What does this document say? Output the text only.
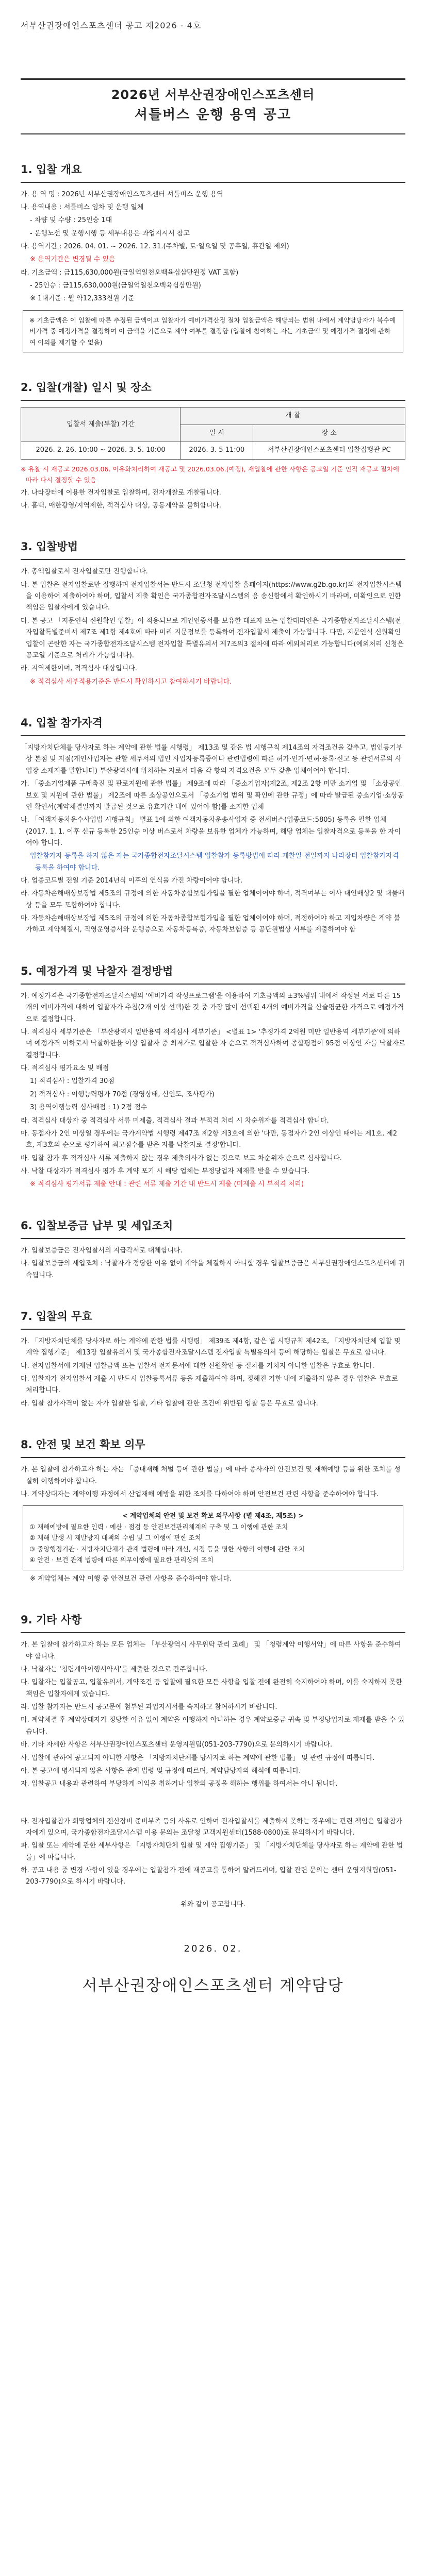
서부산권장애인스포츠센터 공고 제2026 - 4호
2026년 서부산권장애인스포츠센터
셔틀버스 운행 용역 공고
1. 입찰 개요
가. 용 역 명 : 2026년 서부산권장애인스포츠센터 셔틀버스 운행 용역
나. 용역내용 : 셔틀버스 임차 및 운행 일체
- 차량 및 수량 : 25인승 1대
- 운행노선 및 운행시행 등 세부내용은 과업지시서 참고
다. 용역기간 : 2026. 04. 01. ~ 2026. 12. 31.(주차별, 토·일요일 및 공휴일, 휴관일 제외)
※ 용역기간은 변경될 수 있음
라. 기초금액 : 금115,630,000원(금일억일천오백육십삼만원정 VAT 포함)
- 25인승 : 금115,630,000원(금일억일천오백육십삼만원)
※ 1대기준 : 월 약12,333천원 기준
※ 기초금액은 이 입찰에 따른 추정된 금액이고 입찰자가 예비가격산정 절차 입찰금액은 해당되는 범위 내에서 계약담당자가 복수예비가격 중 예정가격을 결정하여 이 금액을 기준으로 계약 여부를 결정함 (입찰에 참여하는 자는 기초금액 및 예정가격 결정에 관하여 이의를 제기할 수 없음)
2. 입찰(개찰) 일시 및 장소
입찰서 제출(투찰) 기간	개 찰	
	일 시	장 소
2026. 2. 26. 10:00 ~ 2026. 3. 5. 10:00	2026. 3. 5 11:00	서부산권장애인스포츠센터 입찰집행관 PC
※ 유찰 시 재공고 2026.03.06. 이유화처리하여 재공고 및 2026.03.06.(예정), 재입찰에 관한 사항은 공고일 기준 인적 재공고 절차에 따라 다시 결정할 수 있음
가. 나라장터에 이용한 전자입찰로 입찰하며, 전자개찰로 개찰됩니다.
나. 홈택, 애한광영/지역제한, 적격심사 대상, 공동계약을 불허합니다.
3. 입찰방법
가. 총액입찰로서 전자입찰로만 진행합니다.
나. 본 입찰은 전자입찰로만 집행하며 전자입찰서는 반드시 조달청 전자입찰 홈페이지(https://www.g2b.go.kr)의 전자입찰시스템을 이용하여 제출하여야 하며, 입찰서 제출 확인은 국가종합전자조달시스템의 응 송신함에서 확인하시기 바라며, 미확인으로 인한 책임은 입찰자에게 있습니다.
다. 본 공고 「지문인식 신원확인 입찰」이 적용되므로 개인인증서를 보유한 대표자 또는 입찰대리인은 국가종합전자조달시스템(전자입찰특별준비서 제7조 제1항 제4호에 따라 미리 지문정보를 등록하여 전자입찰서 제출이 가능합니다. 다만, 지문인식 신원확인 입찰이 곤란한 자는 국가종합전자조달시스템 전자입찰 특별유의서 제7조의3 절차에 따라 예외처리로 가능합니다(예외처리 신청은 공고일 기준으로 처리가 가능합니다).
라. 지역제한이며, 적격심사 대상입니다.
※ 적격심사 세부적용기준은 반드시 확인하시고 참여하시기 바랍니다.
4. 입찰 참가자격
「지방자치단체를 당사자로 하는 계약에 관한 법률 시행령」 제13조 및 같은 법 시행규칙 제14조의 자격조건을 갖추고, 법인등기부상 본점 및 지점(개인사업자는 관할 세무서의 법인 사업자등록증이나 관련법령에 따른 허가·인가·면허·등록·신고 등 관련서류의 사업장 소재지를 말합니다) 부산광역시에 위치하는 자로서 다음 각 항의 자격요건을 모두 갖춘 업체이어야 합니다.
가. 「중소기업제품 구매촉진 및 판로지원에 관한 법률」 제9조에 따라 「중소기업자(제2조, 제2조 2항 미만 소기업 및 「소상공인 보호 및 지원에 관한 법률」 제2조에 따른 소상공인으로서 「중소기업 범위 및 확인에 관한 규정」에 따라 발급된 중소기업·소상공인 확인서(계약체결일까지 발급된 것으로 유효기간 내에 있어야 함)를 소지한 업체
나. 「여객자동차운수사업법 시행규칙」 별표 1에 의한 여객자동차운송사업자 중 전세버스(업종코드:5805) 등록을 필한 업체(2017. 1. 1. 이후 신규 등록한 25인승 이상 버스로서 차량을 보유한 업체가 가능하며, 해당 업체는 입찰자격으로 등록을 한 자이어야 합니다.
입찰참가자 등록을 하지 않은 자는 국가종합전자조달시스템 입찰참가 등록방법에 따라 개찰일 전일까지 나라장터 입찰참가자격 등록을 하여야 합니다.
다. 업종코드별 전일 기준 2014년식 이후의 연식을 가진 차량이어야 합니다.
라. 자동차손해배상보장법 제5조의 규정에 의한 자동차종합보험가입을 필한 업체이어야 하며, 적격여부는 이사 대인배상2 및 대물배상 등을 모두 포함하여야 합니다.
마. 자동차손해배상보장법 제5조의 규정에 의한 자동차종합보험가입을 필한 업체이어야 하며, 적정하여야 하고 지입차량은 계약 불가하고 계약체결시, 직영운영증서와 운행증으로 자동차등록증, 자동차보험증 등 공단원법상 서류를 제출하여야 함
5. 예정가격 및 낙찰자 결정방법
가. 예정가격은 국가종합전자조달시스템의 '예비가격 작성프로그램'을 이용하여 기초금액의 ±3%범위 내에서 작성된 서로 다른 15개의 예비가격에 대하여 입찰자가 추첨(2개 이상 선택)한 것 중 가장 많이 선택된 4개의 예비가격을 산술평균한 가격으로 예정가격으로 결정합니다.
나. 적격심사 세부기준은 「부산광역시 일반용역 적격심사 세부기준」 <별표 1> '추정가격 2억원 미만 일반용역 세부기준'에 의하며 예정가격 이하로서 낙찰하한율 이상 입찰자 중 최저가로 입찰한 자 순으로 적격심사하여 종합평점이 95점 이상인 자를 낙찰자로 결정합니다.
다. 적격심사 평가요소 및 배점
1) 적격심사 : 입찰가격 30점
2) 적격심사 : 이행능력평가 70점 (경영상태, 신인도, 조사평가)
3) 용역이행능력 심사배점 : 1) 2점 점수
라. 적격심사 대상자 중 적격심사 서류 미제출, 적격심사 결과 부적격 처리 시 차순위자를 적격심사 합니다.
마. 동점자가 2인 이상일 경우에는 국가계약법 시행령 제47조 제2항 제3호에 의한 '다만, 동점자가 2인 이상인 때에는 제1호, 제2호, 제3호의 순으로 평가하여 최고점수를 받은 자를 낙찰자로 결정'합니다.
바. 입찰 참가 후 적격심사 서류 제출하지 않는 경우 제출의사가 없는 것으로 보고 차순위자 순으로 심사합니다.
사. 낙찰 대상자가 적격심사 평가 후 계약 포기 시 해당 업체는 부정당업자 제재를 받을 수 있습니다.
※ 적격심사 평가서류 제출 안내 : 관련 서류 제출 기간 내 반드시 제출 (미제출 시 부적격 처리)
6. 입찰보증금 납부 및 세입조치
가. 입찰보증금은 전자입찰서의 지급각서로 대체합니다.
나. 입찰보증금의 세입조치 : 낙찰자가 정당한 이유 없이 계약을 체결하지 아니할 경우 입찰보증금은 서부산권장애인스포츠센터에 귀속됩니다.
7. 입찰의 무효
가. 「지방자치단체를 당사자로 하는 계약에 관한 법률 시행령」 제39조 제4항, 같은 법 시행규칙 제42조, 「지방자치단체 입찰 및 계약 집행기준」 제13장 입찰유의서 및 국가종합전자조달시스템 전자입찰 특별유의서 등에 해당하는 입찰은 무효로 합니다.
나. 전자입찰서에 기재된 입찰금액 또는 입찰서 전자문서에 대한 신원확인 등 절차를 거치지 아니한 입찰은 무효로 합니다.
다. 입찰자가 전자입찰서 제출 시 반드시 입찰등록서류 등을 제출하여야 하며, 정해진 기한 내에 제출하지 않은 경우 입찰은 무효로 처리합니다.
라. 입찰 참가자격이 없는 자가 입찰한 입찰, 기타 입찰에 관한 조건에 위반된 입찰 등은 무효로 합니다.
8. 안전 및 보건 확보 의무
가. 본 입찰에 참가하고자 하는 자는 「중대재해 처벌 등에 관한 법률」에 따라 종사자의 안전보건 및 재해예방 등을 위한 조치를 성실히 이행하여야 합니다.
나. 계약상대자는 계약이행 과정에서 산업재해 예방을 위한 조치를 다하여야 하며 안전보건 관련 사항을 준수하여야 합니다.
< 계약업체의 안전 및 보건 확보 의무사항 (별 제4조, 제5조) >
① 재해예방에 필요한 인력 · 예산 · 점검 등 안전보건관리체계의 구축 및 그 이행에 관한 조치
② 재해 발생 시 재발방지 대책의 수립 및 그 이행에 관한 조치
③ 중앙행정기관 · 지방자치단체가 관계 법령에 따라 개선, 시정 등을 명한 사항의 이행에 관한 조치
④ 안전 · 보건 관계 법령에 따른 의무이행에 필요한 관리상의 조치
※ 계약업체는 계약 이행 중 안전보건 관련 사항을 준수하여야 합니다.
9. 기타 사항
가. 본 입찰에 참가하고자 하는 모든 업체는 「부산광역시 사무위탁 관리 조례」 및 「청렴계약 이행서약」에 따른 사항을 준수하여야 합니다.
나. 낙찰자는 '청렴계약이행서약서'를 제출한 것으로 간주합니다.
다. 입찰자는 입찰공고, 입찰유의서, 계약조건 등 입찰에 필요한 모든 사항을 입찰 전에 완전히 숙지하여야 하며, 이를 숙지하지 못한 책임은 입찰자에게 있습니다.
라. 입찰 참가자는 반드시 공고문에 첨부된 과업지시서를 숙지하고 참여하시기 바랍니다.
마. 계약체결 후 계약상대자가 정당한 이유 없이 계약을 이행하지 아니하는 경우 계약보증금 귀속 및 부정당업자로 제재를 받을 수 있습니다.
바. 기타 자세한 사항은 서부산권장애인스포츠센터 운영지원팀(051-203-7790)으로 문의하시기 바랍니다.
사. 입찰에 관하여 공고되지 아니한 사항은 「지방자치단체를 당사자로 하는 계약에 관한 법률」 및 관련 규정에 따릅니다.
아. 본 공고에 명시되지 않은 사항은 관계 법령 및 규정에 따르며, 계약담당자의 해석에 따릅니다.
자. 입찰공고 내용과 관련하여 부당하게 이익을 취하거나 입찰의 공정을 해하는 행위를 하여서는 아니 됩니다.
타. 전자입찰참가 희망업체의 전산장비 준비부족 등의 사유로 인하여 전자입찰서를 제출하지 못하는 경우에는 관련 책임은 입찰참가자에게 있으며, 국가종합전자조달시스템 이용 문의는 조달청 고객지원센터(1588-0800)로 문의하시기 바랍니다.
파. 입찰 또는 계약에 관한 세부사항은 「지방자치단체 입찰 및 계약 집행기준」 및 「지방자치단체를 당사자로 하는 계약에 관한 법률」에 따릅니다.
하. 공고 내용 중 변경 사항이 있을 경우에는 입찰참가 전에 재공고를 통하여 알려드리며, 입찰 관련 문의는 센터 운영지원팀(051-203-7790)으로 하시기 바랍니다.
위와 같이 공고합니다.
2026. 02.
서부산권장애인스포츠센터 계약담당
